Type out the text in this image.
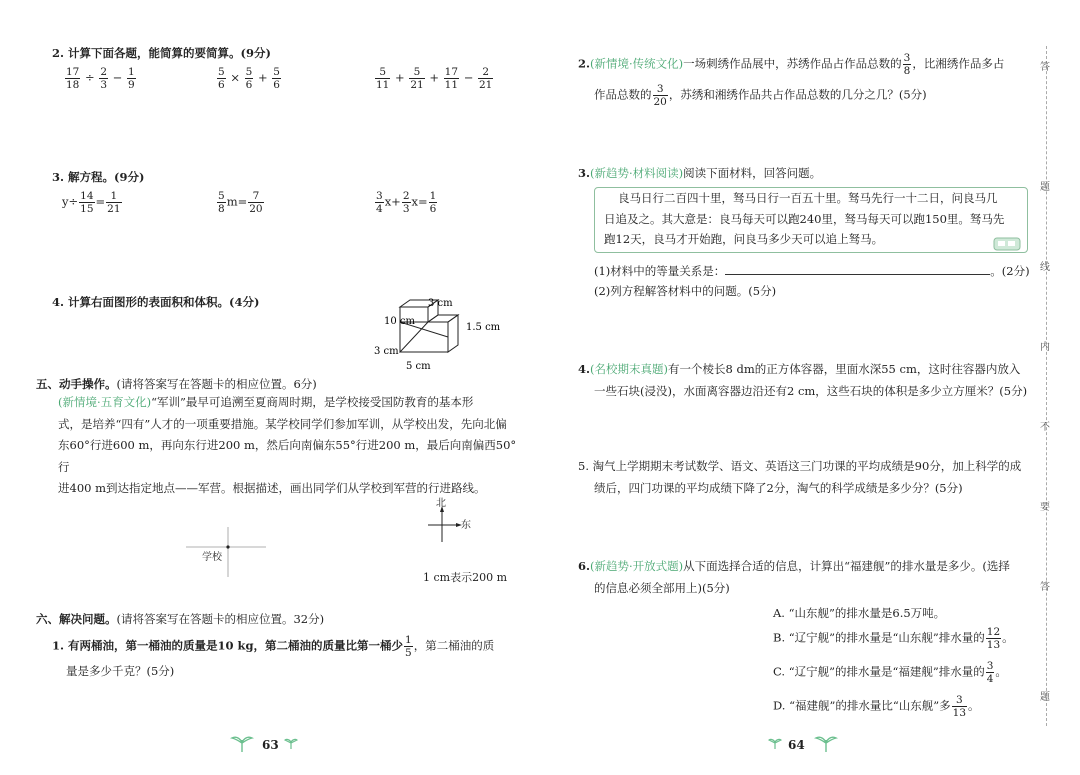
2. 计算下面各题，能简算的要简算。(9分)
$\frac{17}{18} \div \frac{2}{3} - \frac{1}{9}$	$\frac{5}{6} \times \frac{5}{6} + \frac{5}{6}$	$\frac{5}{11} + \frac{5}{21} + \frac{17}{11} - \frac{2}{21}$
3. 解方程。(9分)
$y\div \frac{14}{15} = \frac{1}{21}$	$\frac{5}{8} m= \frac{7}{20}$	$\frac{3}{4} x+ \frac{2}{3} x= \frac{1}{6}$
4. 计算右面图形的表面积和体积。(4分)	3 cm
10 cm
1.5 cm
3 cm
5 cm
五、动手操作。(请将答案写在答题卡的相应位置。6分)
(新情境·五育文化)“军训”最早可追溯至夏商周时期，是学校接受国防教育的基本形
式，是培养“四有”人才的一项重要措施。某学校同学们参加军训，从学校出发，先向北偏
东60°行进600 m，再向东行进200 m，然后向南偏东55°行进200 m，最后向南偏西50°行
进400 m到达指定地点——军营。根据描述，画出同学们从学校到军营的行进路线。
北
东
学校
1 cm表示200 m
六、解决问题。(请将答案写在答题卡的相应位置。32分)
1. 有两桶油，第一桶油的质量是10 kg，第二桶油的质量比第一桶少 $\frac{1}{5}$ ，第二桶油的质
量是多少千克？(5分)
63
2.(新情境·传统文化)一场刺绣作品展中，苏绣作品占作品总数的 $\frac{3}{8}$ ，比湘绣作品多占
作品总数的 $\frac{3}{20}$ ，苏绣和湘绣作品共占作品总数的几分之几？(5分)
3.(新趋势·材料阅读)阅读下面材料，回答问题。
良马日行二百四十里，驽马日行一百五十里。驽马先行一十二日，问良马几
日追及之。其大意是：良马每天可以跑240里，驽马每天可以跑150里。驽马先
跑12天，良马才开始跑，问良马多少天可以追上驽马。
(1)材料中的等量关系是：	。(2分)
(2)列方程解答材料中的问题。(5分)
4.(名校期末真题)有一个棱长8 dm的正方体容器，里面水深55 cm，这时往容器内放入
一些石块(浸没)，水面离容器边沿还有2 cm，这些石块的体积是多少立方厘米？(5分)
5. 淘气上学期期末考试数学、语文、英语这三门功课的平均成绩是90分，加上科学的成
绩后，四门功课的平均成绩下降了2分，淘气的科学成绩是多少分？(5分)
6.(新趋势·开放式题)从下面选择合适的信息，计算出“福建舰”的排水量是多少。(选择
的信息必须全部用上)(5分)
A. “山东舰”的排水量是6.5万吨。
B. “辽宁舰”的排水量是“山东舰”排水量的 $\frac{12}{13}$ 。
C. “辽宁舰”的排水量是“福建舰”排水量的 $\frac{3}{4}$ 。
D. “福建舰”的排水量比“山东舰”多 $\frac{3}{13}$ 。
答
题
线
内
不
要
答
题
64
